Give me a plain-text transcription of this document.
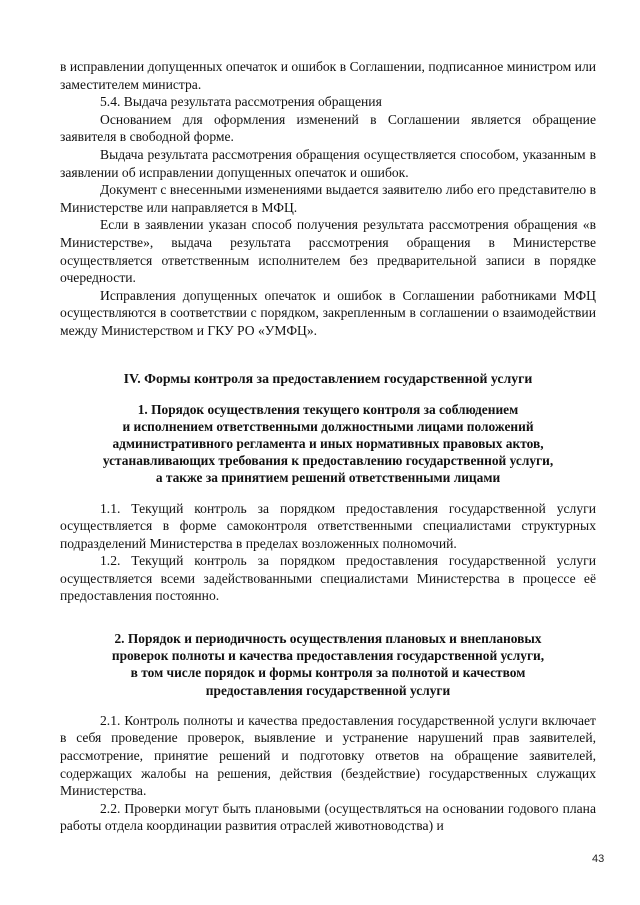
в исправлении допущенных опечаток и ошибок в Соглашении, подписанное министром или заместителем министра.

5.4. Выдача результата рассмотрения обращения

Основанием для оформления изменений в Соглашении является обращение заявителя в свободной форме.

Выдача результата рассмотрения обращения осуществляется способом, указанным в заявлении об исправлении допущенных опечаток и ошибок.

Документ с внесенными изменениями выдается заявителю либо его представителю в Министерстве или направляется в МФЦ.

Если в заявлении указан способ получения результата рассмотрения обращения «в Министерстве», выдача результата рассмотрения обращения в Министерстве осуществляется ответственным исполнителем без предварительной записи в порядке очередности.

Исправления допущенных опечаток и ошибок в Соглашении работниками МФЦ осуществляются в соответствии с порядком, закрепленным в соглашении о взаимодействии между Министерством и ГКУ РО «УМФЦ».

IV. Формы контроля за предоставлением государственной услуги

1. Порядок осуществления текущего контроля за соблюдением

и исполнением ответственными должностными лицами положений

административного регламента и иных нормативных правовых актов,

устанавливающих требования к предоставлению государственной услуги,

а также за принятием решений ответственными лицами

1.1. Текущий контроль за порядком предоставления государственной услуги осуществляется в форме самоконтроля ответственными специалистами структурных подразделений Министерства в пределах возложенных полномочий.

1.2. Текущий контроль за порядком предоставления государственной услуги осуществляется всеми задействованными специалистами Министерства в процессе её предоставления постоянно.

2. Порядок и периодичность осуществления плановых и внеплановых

проверок полноты и качества предоставления государственной услуги,

в том числе порядок и формы контроля за полнотой и качеством

предоставления государственной услуги

2.1. Контроль полноты и качества предоставления государственной услуги включает в себя проведение проверок, выявление и устранение нарушений прав заявителей, рассмотрение, принятие решений и подготовку ответов на обращение заявителей, содержащих жалобы на решения, действия (бездействие) государственных служащих Министерства.

2.2. Проверки могут быть плановыми (осуществляться на основании годового плана работы отдела координации развития отраслей животноводства) и

43
